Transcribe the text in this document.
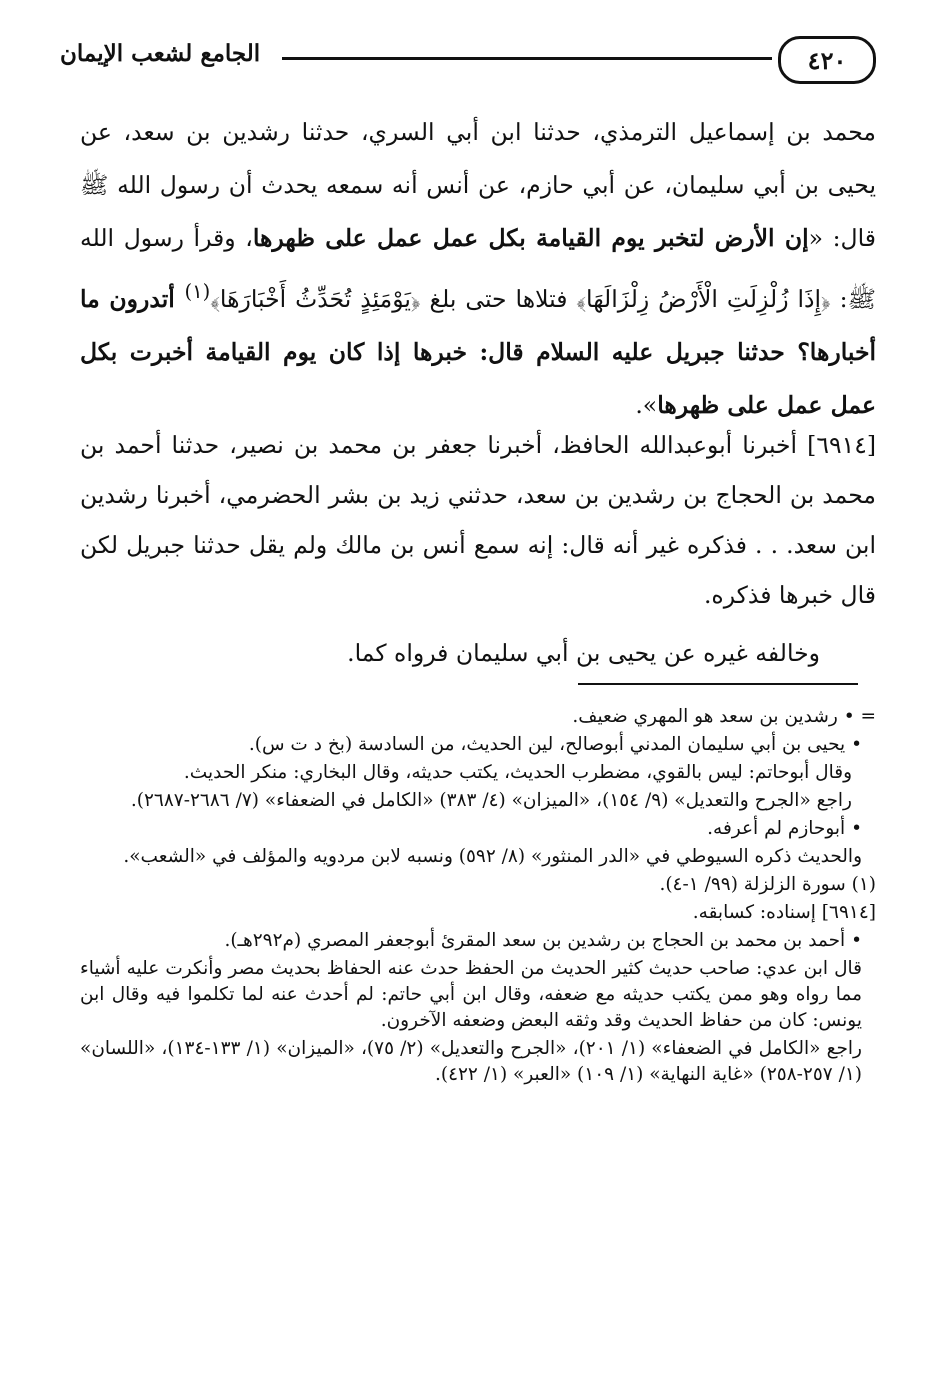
٤٢٠
الجامع لشعب الإيمان

محمد بن إسماعيل الترمذي، حدثنا ابن أبي السري، حدثنا رشدين بن سعد، عن يحيى بن أبي سليمان، عن أبي حازم، عن أنس أنه سمعه يحدث أن رسول الله ﷺ قال: «إن الأرض لتخبر يوم القيامة بكل عمل عمل على ظهرها، وقرأ رسول الله ﷺ: ﴿إِذَا زُلْزِلَتِ الْأَرْضُ زِلْزَالَهَا﴾ فتلاها حتى بلغ ﴿يَوْمَئِذٍ تُحَدِّثُ أَخْبَارَهَا﴾$^{(١)}$ أتدرون ما أخبارها؟ حدثنا جبريل عليه السلام قال: خبرها إذا كان يوم القيامة أخبرت بكل عمل عمل على ظهرها».

[٦٩١٤] أخبرنا أبوعبدالله الحافظ، أخبرنا جعفر بن محمد بن نصير، حدثنا أحمد بن محمد بن الحجاج بن رشدين بن سعد، حدثني زيد بن بشر الحضرمي، أخبرنا رشدين ابن سعد. . . فذكره غير أنه قال: إنه سمع أنس بن مالك ولم يقل حدثنا جبريل لكن قال خبرها فذكره.

وخالفه غيره عن يحيى بن أبي سليمان فرواه كما.

= • رشدين بن سعد هو المهري ضعيف.

• يحيى بن أبي سليمان المدني أبوصالح، لين الحديث، من السادسة (بخ د ت س).

وقال أبوحاتم: ليس بالقوي، مضطرب الحديث، يكتب حديثه، وقال البخاري: منكر الحديث.

راجع «الجرح والتعديل» (٩/ ١٥٤)، «الميزان» (٤/ ٣٨٣) «الكامل في الضعفاء» (٧/ ٢٦٨٦-٢٦٨٧).

• أبوحازم لم أعرفه.

والحديث ذكره السيوطي في «الدر المنثور» (٨/ ٥٩٢) ونسبه لابن مردويه والمؤلف في «الشعب».

(١) سورة الزلزلة (٩٩/ ١-٤).

[٦٩١٤] إسناده: كسابقه.

• أحمد بن محمد بن الحجاج بن رشدين بن سعد المقرئ أبوجعفر المصري (م٢٩٢هـ).

قال ابن عدي: صاحب حديث كثير الحديث من الحفظ حدث عنه الحفاظ بحديث مصر وأنكرت عليه أشياء مما رواه وهو ممن يكتب حديثه مع ضعفه، وقال ابن أبي حاتم: لم أحدث عنه لما تكلموا فيه وقال ابن يونس: كان من حفاظ الحديث وقد وثقه البعض وضعفه الآخرون.

راجع «الكامل في الضعفاء» (١/ ٢٠١)، «الجرح والتعديل» (٢/ ٧٥)، «الميزان» (١/ ١٣٣-١٣٤)، «اللسان» (١/ ٢٥٧-٢٥٨) «غاية النهاية» (١/ ١٠٩) «العبر» (١/ ٤٢٢).
